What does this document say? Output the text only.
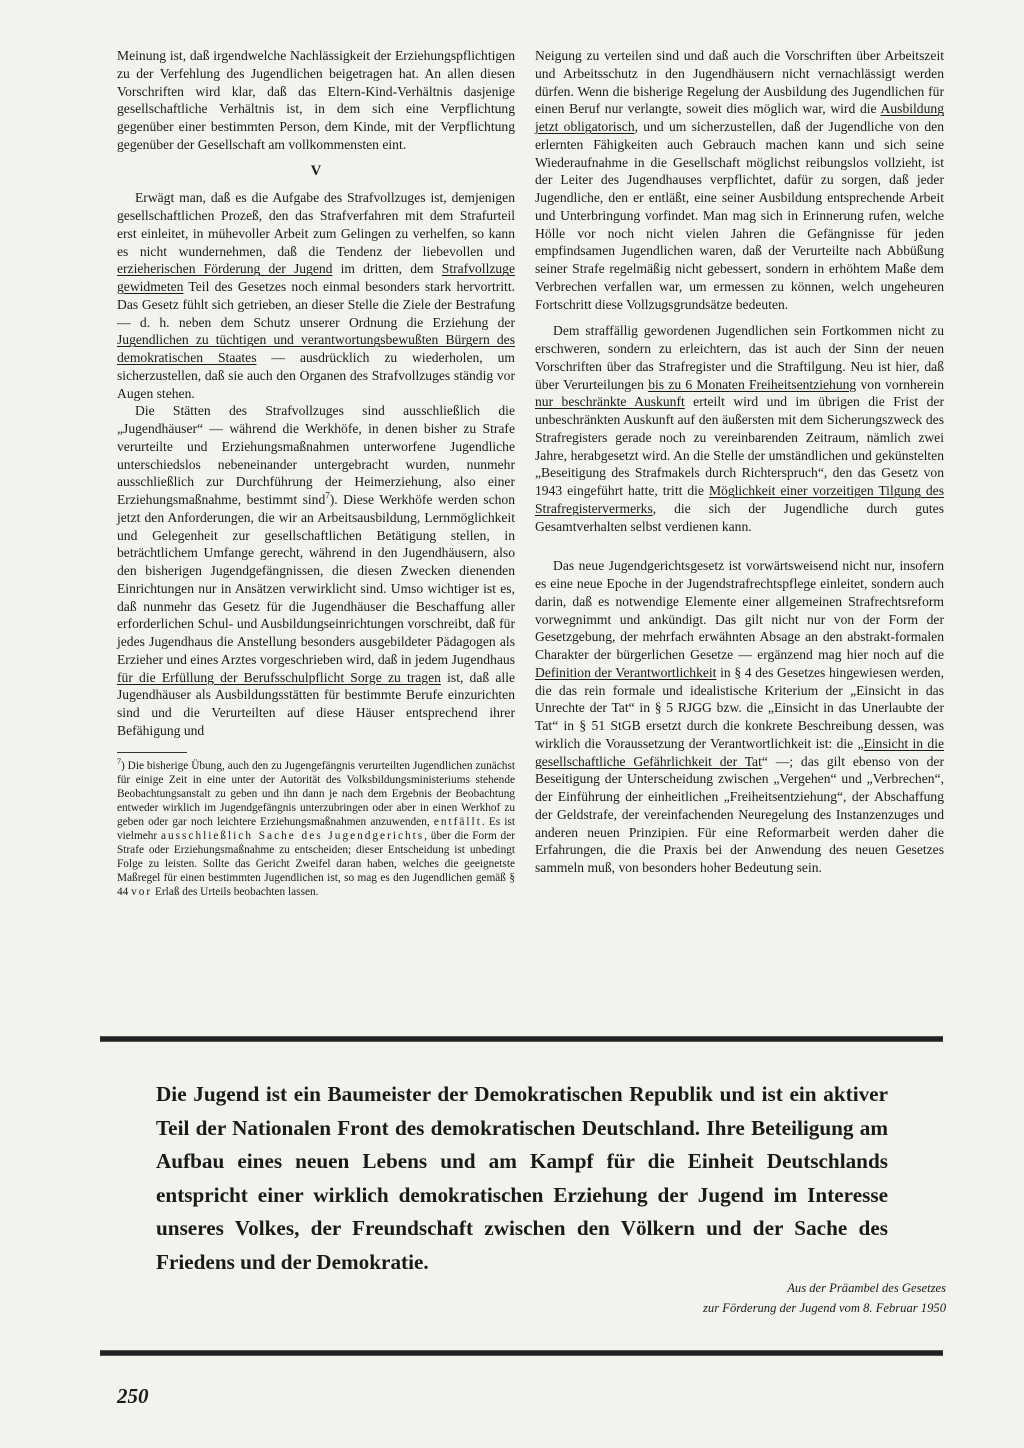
Meinung ist, daß irgendwelche Nachlässigkeit der Erziehungspflichtigen zu der Verfehlung des Jugendlichen beigetragen hat. An allen diesen Vorschriften wird klar, daß das Eltern-Kind-Verhältnis dasjenige gesellschaftliche Verhältnis ist, in dem sich eine Verpflichtung gegenüber einer bestimmten Person, dem Kinde, mit der Verpflichtung gegenüber der Gesellschaft am vollkommensten eint.

V

Erwägt man, daß es die Aufgabe des Strafvollzuges ist, demjenigen gesellschaftlichen Prozeß, den das Strafverfahren mit dem Strafurteil erst einleitet, in mühevoller Arbeit zum Gelingen zu verhelfen, so kann es nicht wundernehmen, daß die Tendenz der liebevollen und erzieherischen Förderung der Jugend im dritten, dem Strafvollzuge gewidmeten Teil des Gesetzes noch einmal besonders stark hervortritt. Das Gesetz fühlt sich getrieben, an dieser Stelle die Ziele der Bestrafung — d. h. neben dem Schutz unserer Ordnung die Erziehung der Jugendlichen zu tüchtigen und verantwortungsbewußten Bürgern des demokratischen Staates — ausdrücklich zu wiederholen, um sicherzustellen, daß sie auch den Organen des Strafvollzuges ständig vor Augen stehen.

Die Stätten des Strafvollzuges sind ausschließlich die „Jugendhäuser“ — während die Werkhöfe, in denen bisher zu Strafe verurteilte und Erziehungsmaßnahmen unterworfene Jugendliche unterschiedslos nebeneinander untergebracht wurden, nunmehr ausschließlich zur Durchführung der Heimerziehung, also einer Erziehungsmaßnahme, bestimmt sind$^7$). Diese Werkhöfe werden schon jetzt den Anforderungen, die wir an Arbeitsausbildung, Lernmöglichkeit und Gelegenheit zur gesellschaftlichen Betätigung stellen, in beträchtlichem Umfange gerecht, während in den Jugendhäusern, also den bisherigen Jugendgefängnissen, die diesen Zwecken dienenden Einrichtungen nur in Ansätzen verwirklicht sind. Umso wichtiger ist es, daß nunmehr das Gesetz für die Jugendhäuser die Beschaffung aller erforderlichen Schul- und Ausbildungseinrichtungen vorschreibt, daß für jedes Jugendhaus die Anstellung besonders ausgebildeter Pädagogen als Erzieher und eines Arztes vorgeschrieben wird, daß in jedem Jugendhaus für die Erfüllung der Berufsschulpflicht Sorge zu tragen ist, daß alle Jugendhäuser als Ausbildungsstätten für bestimmte Berufe einzurichten sind und die Verurteilten auf diese Häuser entsprechend ihrer Befähigung und

$^7$) Die bisherige Übung, auch den zu Jugengefängnis verurteilten Jugendlichen zunächst für einige Zeit in eine unter der Autorität des Volksbildungsministeriums stehende Beobachtungsanstalt zu geben und ihn dann je nach dem Ergebnis der Beobachtung entweder wirklich im Jugendgefängnis unterzubringen oder aber in einen Werkhof zu geben oder gar noch leichtere Erziehungsmaßnahmen anzuwenden, entfällt. Es ist vielmehr ausschließlich Sache des Jugendgerichts, über die Form der Strafe oder Erziehungsmaßnahme zu entscheiden; dieser Entscheidung ist unbedingt Folge zu leisten. Sollte das Gericht Zweifel daran haben, welches die geeignetste Maßregel für einen bestimmten Jugendlichen ist, so mag es den Jugendlichen gemäß § 44 vor Erlaß des Urteils beobachten lassen.

Neigung zu verteilen sind und daß auch die Vorschriften über Arbeitszeit und Arbeitsschutz in den Jugendhäusern nicht vernachlässigt werden dürfen. Wenn die bisherige Regelung der Ausbildung des Jugendlichen für einen Beruf nur verlangte, soweit dies möglich war, wird die Ausbildung jetzt obligatorisch, und um sicherzustellen, daß der Jugendliche von den erlernten Fähigkeiten auch Gebrauch machen kann und sich seine Wiederaufnahme in die Gesellschaft möglichst reibungslos vollzieht, ist der Leiter des Jugendhauses verpflichtet, dafür zu sorgen, daß jeder Jugendliche, den er entläßt, eine seiner Ausbildung entsprechende Arbeit und Unterbringung vorfindet. Man mag sich in Erinnerung rufen, welche Hölle vor noch nicht vielen Jahren die Gefängnisse für jeden empfindsamen Jugendlichen waren, daß der Verurteilte nach Abbüßung seiner Strafe regelmäßig nicht gebessert, sondern in erhöhtem Maße dem Verbrechen verfallen war, um ermessen zu können, welch ungeheuren Fortschritt diese Vollzugsgrundsätze bedeuten.

Dem straffällig gewordenen Jugendlichen sein Fortkommen nicht zu erschweren, sondern zu erleichtern, das ist auch der Sinn der neuen Vorschriften über das Strafregister und die Straftilgung. Neu ist hier, daß über Verurteilungen bis zu 6 Monaten Freiheitsentziehung von vornherein nur beschränkte Auskunft erteilt wird und im übrigen die Frist der unbeschränkten Auskunft auf den äußersten mit dem Sicherungszweck des Strafregisters gerade noch zu vereinbarenden Zeitraum, nämlich zwei Jahre, herabgesetzt wird. An die Stelle der umständlichen und gekünstelten „Beseitigung des Strafmakels durch Richterspruch“, den das Gesetz von 1943 eingeführt hatte, tritt die Möglichkeit einer vorzeitigen Tilgung des Strafregistervermerks, die sich der Jugendliche durch gutes Gesamtverhalten selbst verdienen kann.

Das neue Jugendgerichtsgesetz ist vorwärtsweisend nicht nur, insofern es eine neue Epoche in der Jugendstrafrechtspflege einleitet, sondern auch darin, daß es notwendige Elemente einer allgemeinen Strafrechtsreform vorwegnimmt und ankündigt. Das gilt nicht nur von der Form der Gesetzgebung, der mehrfach erwähnten Absage an den abstrakt-formalen Charakter der bürgerlichen Gesetze — ergänzend mag hier noch auf die Definition der Verantwortlichkeit in § 4 des Gesetzes hingewiesen werden, die das rein formale und idealistische Kriterium der „Einsicht in das Unrechte der Tat“ in § 5 RJGG bzw. die „Einsicht in das Unerlaubte der Tat“ in § 51 StGB ersetzt durch die konkrete Beschreibung dessen, was wirklich die Voraussetzung der Verantwortlichkeit ist: die „Einsicht in die gesellschaftliche Gefährlichkeit der Tat“ —; das gilt ebenso von der Beseitigung der Unterscheidung zwischen „Vergehen“ und „Verbrechen“, der Einführung der einheitlichen „Freiheitsentziehung“, der Abschaffung der Geldstrafe, der vereinfachenden Neuregelung des Instanzenzuges und anderen neuen Prinzipien. Für eine Reformarbeit werden daher die Erfahrungen, die die Praxis bei der Anwendung des neuen Gesetzes sammeln muß, von besonders hoher Bedeutung sein.

Die Jugend ist ein Baumeister der Demokratischen Republik und ist ein aktiver Teil der Nationalen Front des demokratischen Deutschland. Ihre Beteiligung am Aufbau eines neuen Lebens und am Kampf für die Einheit Deutschlands entspricht einer wirklich demokratischen Erziehung der Jugend im Interesse unseres Volkes, der Freundschaft zwischen den Völkern und der Sache des Friedens und der Demokratie.
Aus der Präambel des Gesetzes
zur Förderung der Jugend vom 8. Februar 1950
250
